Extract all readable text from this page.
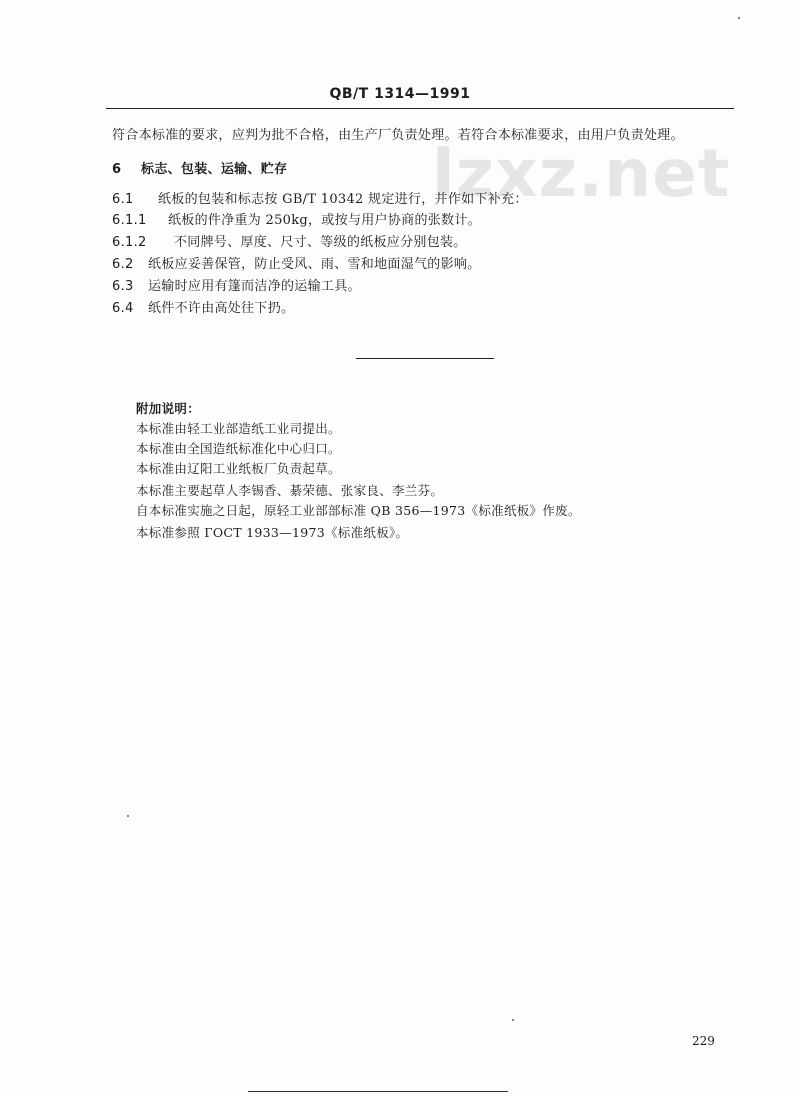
QB/T 1314—1991
lzxz.net
符合本标准的要求，应判为批不合格，由生产厂负责处理。若符合本标准要求，由用户负责处理。
6 标志、包装、运输、贮存
6.1 纸板的包装和标志按 GB/T 10342 规定进行，并作如下补充：
6.1.1 纸板的件净重为 250kg，或按与用户协商的张数计。
6.1.2 不同牌号、厚度、尺寸、等级的纸板应分别包装。
6.2 纸板应妥善保管，防止受风、雨、雪和地面湿气的影响。
6.3 运输时应用有篷而洁净的运输工具。
6.4 纸件不许由高处往下扔。
附加说明：
本标准由轻工业部造纸工业司提出。
本标准由全国造纸标准化中心归口。
本标准由辽阳工业纸板厂负责起草。
本标准主要起草人李锡香、綦荣德、张家良、李兰芬。
自本标准实施之日起，原轻工业部部标准 QB 356—1973《标准纸板》作废。
本标准参照 ГОСТ 1933—1973《标准纸板》。
229
